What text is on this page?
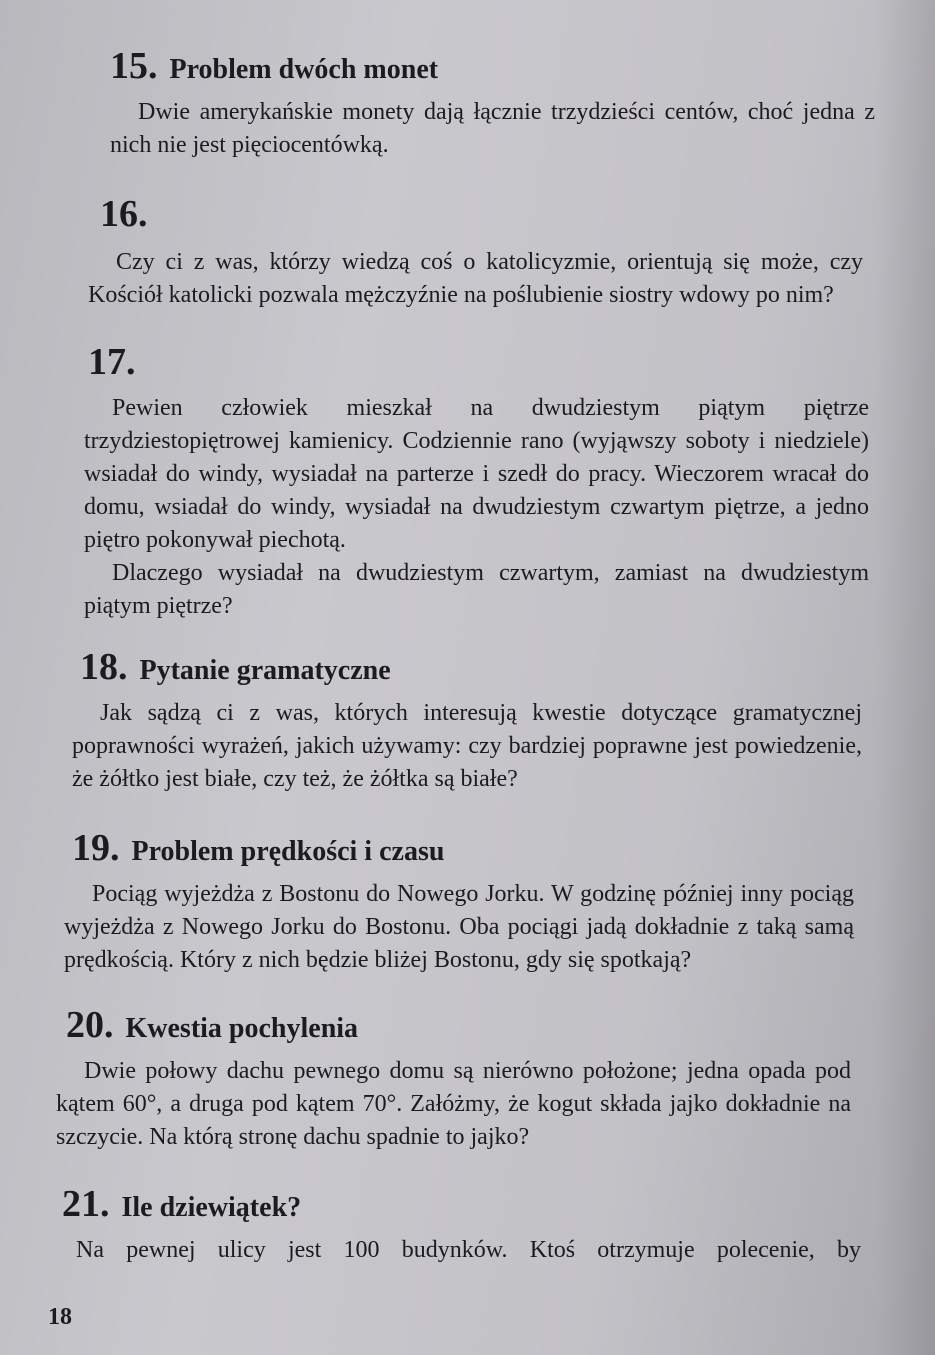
15. Problem dwóch monet

Dwie amerykańskie monety dają łącznie trzydzieści centów, choć jedna z nich nie jest pięciocentówką.

16.

Czy ci z was, którzy wiedzą coś o katolicyzmie, orientują się może, czy Kościół katolicki pozwala mężczyźnie na poślubienie siostry wdowy po nim?

17.

Pewien człowiek mieszkał na dwudziestym piątym piętrze trzydziestopiętrowej kamienicy. Codziennie rano (wyjąwszy soboty i niedziele) wsiadał do windy, wysiadał na parterze i szedł do pracy. Wieczorem wracał do domu, wsiadał do windy, wysiadał na dwudziestym czwartym piętrze, a jedno piętro pokonywał piechotą.

Dlaczego wysiadał na dwudziestym czwartym, zamiast na dwudziestym piątym piętrze?

18. Pytanie gramatyczne

Jak sądzą ci z was, których interesują kwestie dotyczące gramatycznej poprawności wyrażeń, jakich używamy: czy bardziej poprawne jest powiedzenie, że żółtko jest białe, czy też, że żółtka są białe?

19. Problem prędkości i czasu

Pociąg wyjeżdża z Bostonu do Nowego Jorku. W godzinę później inny pociąg wyjeżdża z Nowego Jorku do Bostonu. Oba pociągi jadą dokładnie z taką samą prędkością. Który z nich będzie bliżej Bostonu, gdy się spotkają?

20. Kwestia pochylenia

Dwie połowy dachu pewnego domu są nierówno położone; jedna opada pod kątem 60°, a druga pod kątem 70°. Załóżmy, że kogut składa jajko dokładnie na szczycie. Na którą stronę dachu spadnie to jajko?

21. Ile dziewiątek?

Na pewnej ulicy jest 100 budynków. Ktoś otrzymuje polecenie, by

18
